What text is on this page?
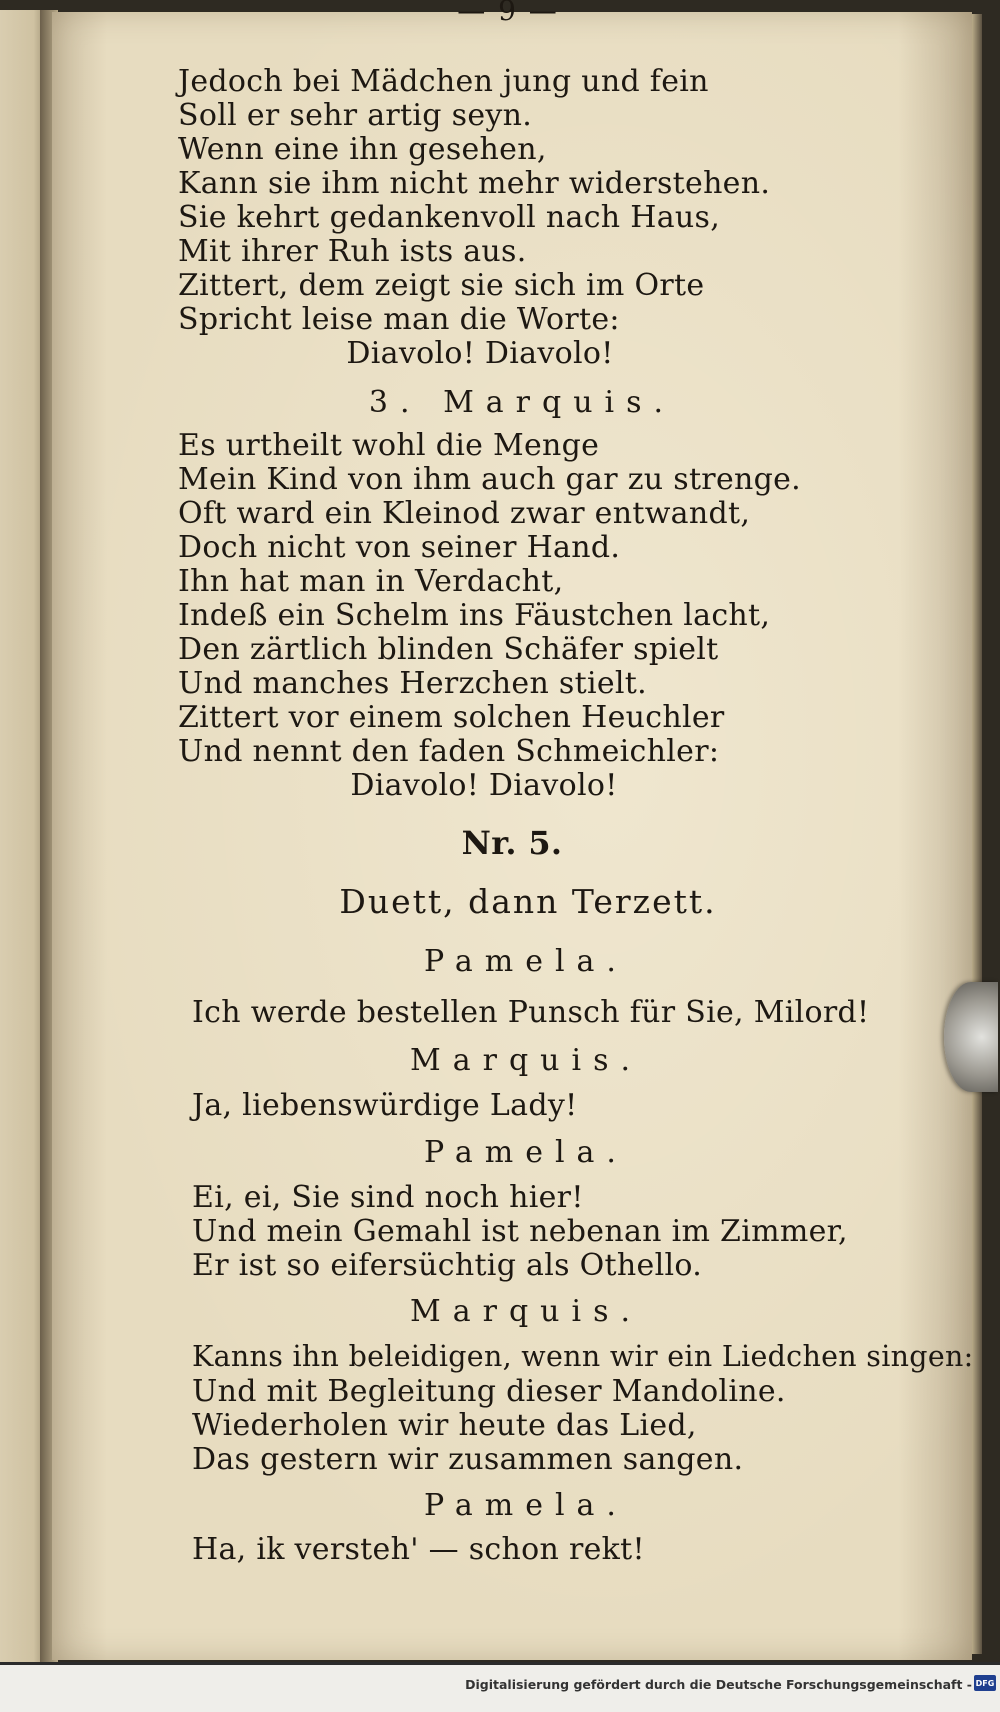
— 9 —
Jedoch bei Mädchen jung und fein
Soll er sehr artig seyn.
Wenn eine ihn gesehen,
Kann sie ihm nicht mehr widerstehen.
Sie kehrt gedankenvoll nach Haus,
Mit ihrer Ruh ists aus.
Zittert, dem zeigt sie sich im Orte
Spricht leise man die Worte:
Diavolo! Diavolo!
3. Marquis.
Es urtheilt wohl die Menge
Mein Kind von ihm auch gar zu strenge.
Oft ward ein Kleinod zwar entwandt,
Doch nicht von seiner Hand.
Ihn hat man in Verdacht,
Indeß ein Schelm ins Fäustchen lacht,
Den zärtlich blinden Schäfer spielt
Und manches Herzchen stielt.
Zittert vor einem solchen Heuchler
Und nennt den faden Schmeichler:
Diavolo! Diavolo!
Nr. 5.
Duett, dann Terzett.
Pamela.
Ich werde bestellen Punsch für Sie, Milord!
Marquis.
Ja, liebenswürdige Lady!
Pamela.
Ei, ei, Sie sind noch hier!
Und mein Gemahl ist nebenan im Zimmer,
Er ist so eifersüchtig als Othello.
Marquis.
Kanns ihn beleidigen, wenn wir ein Liedchen singen:
Und mit Begleitung dieser Mandoline.
Wiederholen wir heute das Lied,
Das gestern wir zusammen sangen.
Pamela.
Ha, ik versteh' — schon rekt!
Digitalisierung gefördert durch die Deutsche Forschungsgemeinschaft - DFG
